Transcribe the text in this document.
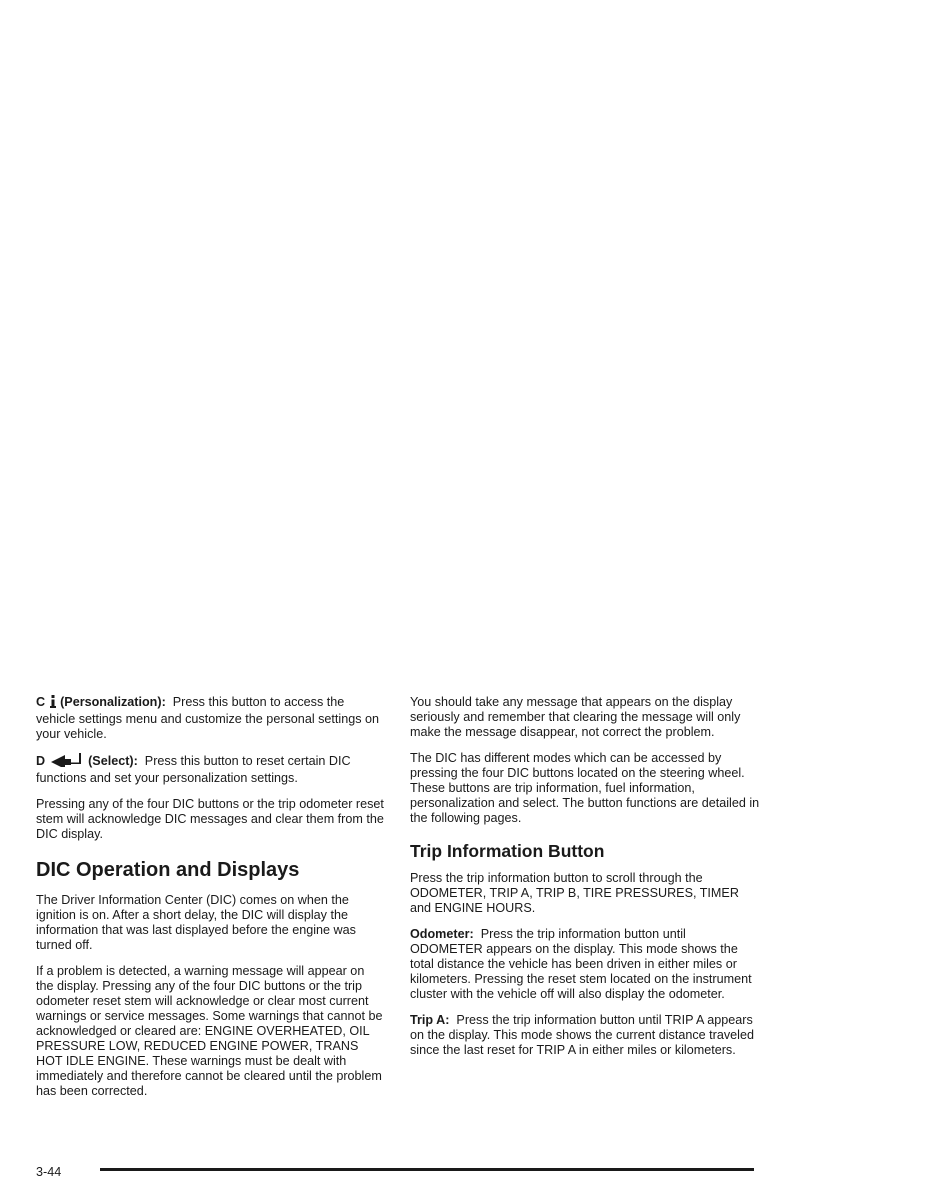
C (Personalization): Press this button to access the vehicle settings menu and customize the personal settings on your vehicle.

D	(Select): Press this button to reset certain DIC functions and set your personalization settings.

Pressing any of the four DIC buttons or the trip odometer reset stem will acknowledge DIC messages and clear them from the DIC display.

DIC Operation and Displays

The Driver Information Center (DIC) comes on when the ignition is on. After a short delay, the DIC will display the information that was last displayed before the engine was turned off.

If a problem is detected, a warning message will appear on the display. Pressing any of the four DIC buttons or the trip odometer reset stem will acknowledge or clear most current warnings or service messages. Some warnings that cannot be acknowledged or cleared are: ENGINE OVERHEATED, OIL PRESSURE LOW, REDUCED ENGINE POWER, TRANS HOT IDLE ENGINE. These warnings must be dealt with immediately and therefore cannot be cleared until the problem has been corrected.

You should take any message that appears on the display seriously and remember that clearing the message will only make the message disappear, not correct the problem.

The DIC has different modes which can be accessed by pressing the four DIC buttons located on the steering wheel. These buttons are trip information, fuel information, personalization and select. The button functions are detailed in the following pages.

Trip Information Button

Press the trip information button to scroll through the ODOMETER, TRIP A, TRIP B, TIRE PRESSURES, TIMER and ENGINE HOURS.

Odometer: Press the trip information button until ODOMETER appears on the display. This mode shows the total distance the vehicle has been driven in either miles or kilometers. Pressing the reset stem located on the instrument cluster with the vehicle off will also display the odometer.

Trip A: Press the trip information button until TRIP A appears on the display. This mode shows the current distance traveled since the last reset for TRIP A in either miles or kilometers.

3-44
